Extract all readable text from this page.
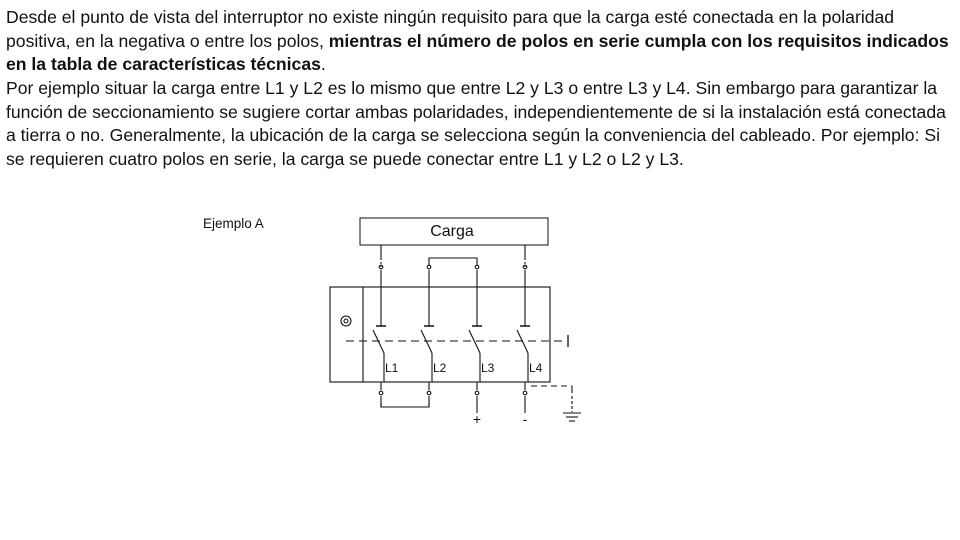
Desde el punto de vista del interruptor no existe ningún requisito para que la carga esté conectada en la polaridad positiva, en la negativa o entre los polos, mientras el número de polos en serie cumpla con los requisitos indicados en la tabla de características técnicas.

Por ejemplo situar la carga entre L1 y L2 es lo mismo que entre L2 y L3 o entre L3 y L4. Sin embargo para garantizar la función de seccionamiento se sugiere cortar ambas polaridades, independientemente de si la instalación está conectada a tierra o no. Generalmente, la ubicación de la carga se selecciona según la conveniencia del cableado. Por ejemplo: Si se requieren cuatro polos en serie, la carga se puede conectar entre L1 y L2 o L2 y L3.

Ejemplo A	Carga
L1	L2	L3	L4
+	-
